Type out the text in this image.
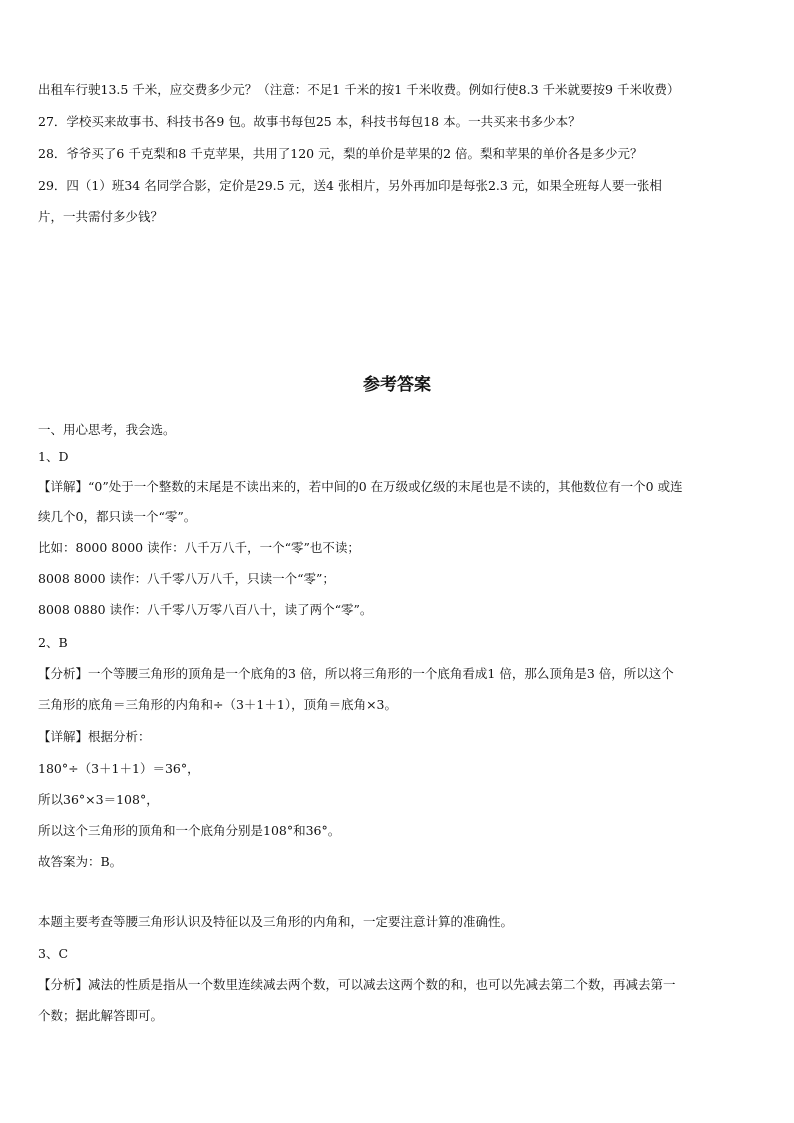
出租车行驶13.5 千米，应交费多少元？（注意：不足1 千米的按1 千米收费。例如行使8.3 千米就要按9 千米收费）
27．学校买来故事书、科技书各9 包。故事书每包25 本，科技书每包18 本。一共买来书多少本？
28．爷爷买了6 千克梨和8 千克苹果，共用了120 元，梨的单价是苹果的2 倍。梨和苹果的单价各是多少元？
29．四（1）班34 名同学合影，定价是29.5 元，送4 张相片，另外再加印是每张2.3 元，如果全班每人要一张相
片，一共需付多少钱？
参考答案
一、用心思考，我会选。
1、D
【详解】“0”处于一个整数的末尾是不读出来的，若中间的0 在万级或亿级的末尾也是不读的，其他数位有一个0 或连
续几个0，都只读一个“零”。
比如：8000 8000 读作：八千万八千，一个“零”也不读；
8008 8000 读作：八千零八万八千，只读一个“零”；
8008 0880 读作：八千零八万零八百八十，读了两个“零”。
2、B
【分析】一个等腰三角形的顶角是一个底角的3 倍，所以将三角形的一个底角看成1 倍，那么顶角是3 倍，所以这个
三角形的底角＝三角形的内角和÷（3＋1＋1），顶角＝底角×3。
【详解】根据分析：
180°÷（3＋1＋1）＝36°，
所以36°×3＝108°，
所以这个三角形的顶角和一个底角分别是108°和36°。
故答案为：B。
本题主要考查等腰三角形认识及特征以及三角形的内角和，一定要注意计算的准确性。
3、C
【分析】减法的性质是指从一个数里连续减去两个数，可以减去这两个数的和，也可以先减去第二个数，再减去第一
个数；据此解答即可。
